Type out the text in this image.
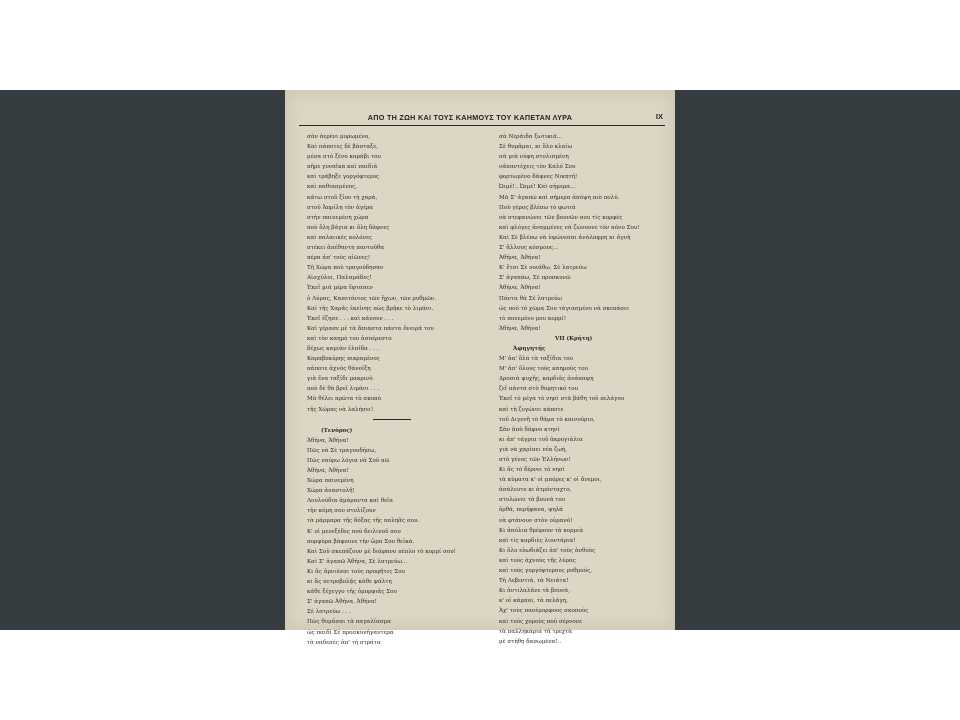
ΑΠΟ ΤΗ ΖΩΗ ΚΑΙ ΤΟΥΣ ΚΑΗΜΟΥΣ ΤΟΥ ΚΑΠΕΤΑΝ ΛΥΡΑ	IX
σὰν ἀερένι μυρωμένο,
Καὶ πάποτες δὲ βάσταξε,
μέσα στὸ ξένο καράβι του
πῆρε γυναῖκα καὶ παιδιὰ
καὶ τράβηξε γοργόφτερος
καὶ παθιασμένος,
κάτω στοῦ ξίου τὴ χαρά,
στοῦ Ἀπρίλη τὸν ἀγέρα
στὴν παινεμένη χώρα
ποὺ ὅλη βάγια κι ὅλη δάφνες
καὶ παλαιικὲς κολόνες
στέκει ἀπέθαντη παντοῦθα
πέρα ἀπ' τοὺς αἰῶνες!
Τὴ Χώρα ποὺ τραγούδησαν
Αἰσχύλοι, Παλαμάδες!
Ἐκεῖ μιὰ μέρα ἔφτασεν
ὁ Λύρας, Καπετάνιος τῶν ἤχων, τῶν ρυθμῶν.
Καὶ τῆς Χαρᾶς ἐκείνης πὼς βρῆκε τὸ λιμάνι.
Ἐκεῖ ἔζησε . . . καὶ κάνουν . . .
Καὶ γέρασε μὲ τὰ ἄπιαστα πάντα ὄνειρά του
καὶ τὸν καημὸ του ἀσπέρεστο
δέχως καμιὰν ἐλπίδα . . .
Καραβοκύρης πικραμένος
πάποτε ἀχνὸς θάνοίξη
γιὰ ἕνα ταξίδι μακρινὸ
ποὺ δὲ θὰ βρεῖ λιμάνι . . .
Μὰ θέλει πρῶτα τὸ σκοπὸ
τῆς Χώρας νὰ λαλήσει!
(Τενόρος)
Ἀθήνα, Ἀθήνα!
Πῶς νὰ Σὲ τραγουδήσω,
Πῶς ναύρω λόγια νὰ Σοῦ πῶ
Ἀθήνα, Ἀθήνα!
Χώρα παινεμένη
Χώρα ἀναστολῆ!
Λουλούδια ἁμάραντα καὶ θεῖα
τὴν κόμη σου στολίζουν
τὰ μάρμαρα τῆς δόξας τῆς παληᾶς σου.
Κ' οἱ μενεξέδες ποὺ δειλινοῦ σου
πορφύρα βάφουνε τὴν ὥρα Σου θεϊκά.
Καὶ Σοῦ σκεπάζουν μὲ διάφανο πέπλο τὸ κορμί σου!
Καὶ Σ' ἀγαπῶ Ἀθήνα, Σὲ λατρεύω...
Κι ἂς ἀρνιέσαι τοὺς προφῆτες Σου
κι ἂς πετροβολᾷς κάθε ψάλτη
κάθε ξέχεγγο τῆς ὀμορφιᾶς Σου
Σ' ἀγαπῶ Ἀθήνα, Ἀθήνα!
Σὲ λατρεύω . . .
Πῶς θυμᾶσαι τὰ παγαλίασμα
ὡς παιδὶ Σὲ προσκυνήγαντερα
τὰ ναδεσὲς ἀπ' τὴ στράτα
σὰ Νεράιδα ξωτικιά...
Σὲ θυμᾶμαι, κι ὅλο κλαίω
σὰ μιὰ νύφη στολισμένη
νἀπαντέχεις τὸν Καλό Σου
φορτωμένο δάφνες Νικητή!
Ὠιμέ!.. Ὠιμέ! Καὶ σήμερα...
Μὰ Σ' ἀγαπῶ καὶ σήμερα ἀπόψη πιὸ πολύ.
Ποὺ γέρος βλέπω τὸ φωτιὰ
νὰ στεφανώνει τῶν βουνῶν σου τὶς κορφὲς
καὶ φλόγες ἀναμμένες νὰ ζώνουνε τὸν πόνο Σου!
Καὶ Σὲ βλέπω νὰ ὑψώνεσαι ἀνάλαφρη κι ἁγνὴ
Σ' ἄλλους κόσμους...
Ἀθήνα, Ἀθήνα!
Κ' ἔτσι Σὲ νοιάθω, Σὲ λατρεύω
Σ' ἀγαπάω, Σὲ προσκυνῶ
Ἀθήνα, Ἀθήνα!
Πάντα θὰ Σὲ λατρεύω
ὡς ποὺ τὸ χῶμα Σου τάγιασμένο νὰ σκεπάσει
τὸ πονεμένο μου κορμί!
Ἀθήνα, Ἀθήνα!
VII (Κρήτη)
Ἀφηγητής
Μ' ἀπ' ὅλα τὰ ταξίδια του
Μ' ἀπ' ὅλους τοὺς καημοὺς του
Δροσιὰ ψυχῆς, καρδιᾶς ἀνάπαψη
ζεῖ πάντα στὸ θυμητικό του
Ἐκεῖ τὸ μέγα τὸ νησὶ στὰ βάθη τοῦ πελάγου
καὶ τὴ ζυγώνει κάποτε
τοῦ Διγενῆ τὸ θάμα τὸ καινούριο,
Σὰν ἀπὸ δάφνο κτηνὶ
κι ἀπ' τάγρια τοῦ ἀκρογιάλια
γιὰ νὰ χαρίσει νέα ζωή,
στὸ γένος τῶν Ἑλλήνων!
Κι ἂς τὸ δέρνει τὸ νησὶ
τὰ κύματα κ' οἱ μπόρες κ' οἱ ἄνεμοι,
ἀσάλευτο κι ἀτρόνταχτο,
στυλώνει τὰ βουνά του
ὀρθά, περήφανα, ψηλά
νὰ φτάνουν στὸν οὐρανό!
Κι ἀπόλια θρέφουν τὰ κορμιὰ
καὶ τὶς καρδιὲς λιοντάρια!
Κι ὅλο εὐωδιάζει ἀπ' τοὺς ἀνθοὺς
καὶ τοὺς ἀχνοὺς τῆς λύρας
καὶ τοὺς γοργόφτερους ρυθμούς,
Τὴ Λεβεντιά, τὰ Νειάτα!
Κι ἀντιλαλᾶνε τὰ βουνά,
κ' οἱ κάμποι, τὰ πελάγη,
Ἀχ' τοὺς πανέμορφους σκοπούς
καὶ τοὺς χοροὺς ποὺ σέρνονε
τὰ παλληκάρια τὰ τρεχτὰ
μὲ στήθη δασωμένα!..
